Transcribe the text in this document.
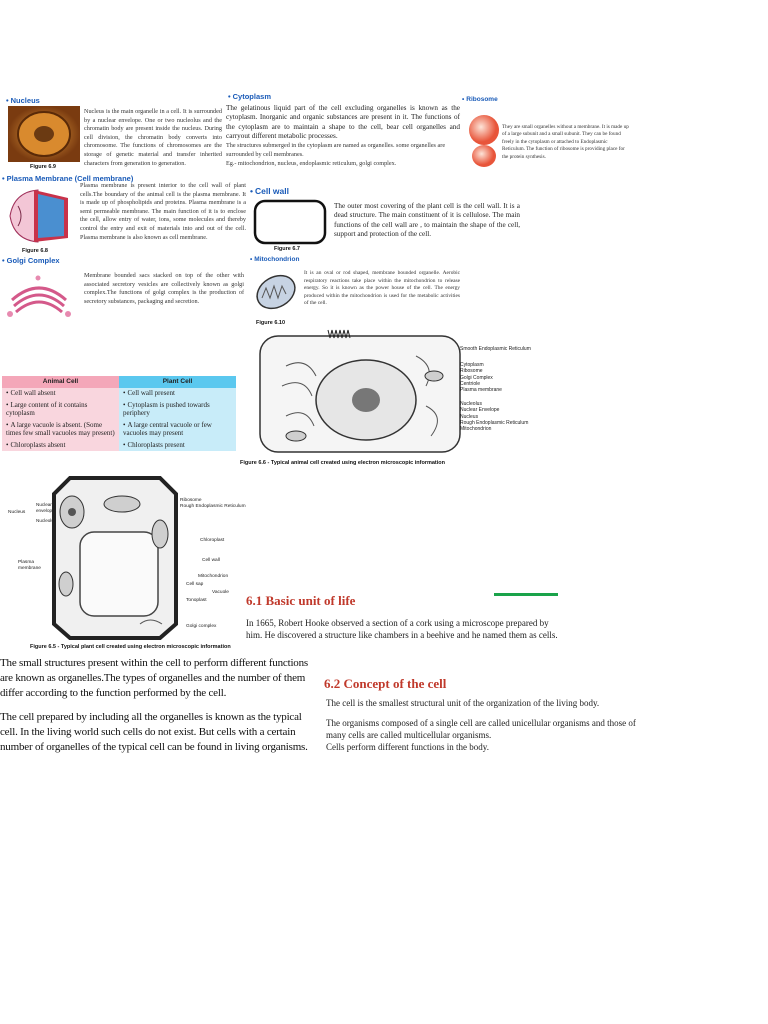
• Nucleus
Figure 6.9
Nucleus is the main organelle in a cell. It is surrounded by a nuclear envelope. One or two nucleolus and the chromatin body are present inside the nucleus. During cell division, the chromatin body converts into chromosome. The functions of chromosomes are the storage of genetic material and transfer inherited characters from generation to generation.
• Cytoplasm
The gelatinous liquid part of the cell excluding organelles is known as the cytoplasm. Inorganic and organic substances are present in it. The functions of the cytoplasm are to maintain a shape to the cell, bear cell organelles and carryout different metabolic processes.
The structures submerged in the cytoplasm are named as organelles. some organelles are surrounded by cell membranes.
Eg.- mitochondrion, nucleus, endoplasmic reticulum, golgi complex.
• Ribosome
They are small organelles without a membrane. It is made up of a large subunit and a small subunit. They can be found freely in the cytoplasm or attached to Endoplasmic Reticulum. The function of ribosome is providing place for the protein synthesis.
• Plasma Membrane (Cell membrane)
Figure 6.8
Plasma membrane is present interior to the cell wall of plant cells.The boundary of the animal cell is the plasma membrane. It is made up of phospholipids and proteins. Plasma membrane is a semi permeable membrane. The main function of it is to enclose the cell, allow entry of water, ions, some molecules and thereby control the entry and exit of materials into and out of the cell. Plasma membrane is also known as cell membrane.
• Cell wall
Figure 6.7
The outer most covering of the plant cell is the cell wall. It is a dead structure. The main constituent of it is cellulose. The main functions of the cell wall are , to maintain the shape of the cell, support and protection of the cell.
• Golgi Complex
Membrane bounded sacs stacked on top of the other with associated secretory vesicles are collectively known as golgi complex.The functions of golgi complex is the production of secretory substances, packaging and secretion.
• Mitochondrion
Figure 6.10
It is an oval or rod shaped, membrane bounded organelle. Aerobic respiratory reactions take place within the mitochondrion to release energy. So it is known as the power house of the cell. The energy produced within the mitochondrion is used for the metabolic activities of the cell.
Smooth Endoplasmic Reticulum
Cytoplasm
Ribosome
Golgi Complex
Centriole
Plasma membrane
Nucleolus
Nuclear Envelope
Nucleus
Rough Endoplasmic Reticulum
Mitochondrion
Figure 6.6 - Typical animal cell created using electron microscopic information
Animal Cell	Plant Cell
• Cell wall absent	• Cell wall present
• Large content of it contains cytoplasm	• Cytoplasm is pushed towards periphery
• A large vacuole is absent. (Some times few small vacuoles may present)	• A large central vacuole or few vacuoles may present
• Chloroplasts absent	• Chloroplasts present
Nucleus
Nuclear envelope
Nucleolus
Plasma membrane
Ribosome
Rough Endoplasmic Reticulum
Chloroplast
Cell wall
Mitochondrion
Cell sap
Vacuole
Tonoplast
Golgi complex
Figure 6.5 - Typical plant cell created using electron microscopic information
6.1 Basic unit of life
In 1665, Robert Hooke observed a section of a cork using a microscope prepared by him. He discovered a structure like chambers in a beehive and he named them as cells.
The small structures present within the cell to perform different functions are known as organelles.The types of organelles and the number of them differ according to the function performed by the cell.
The cell prepared by including all the organelles is known as the typical cell. In the living world such cells do not exist. But cells with a certain number of organelles of the typical cell can be found in living organisms.
6.2 Concept of the cell
The cell is the smallest structural unit of the organization of the living body.
The organisms composed of a single cell are called unicellular organisms and those of many cells are called multicellular organisms.
Cells perform different functions in the body.
